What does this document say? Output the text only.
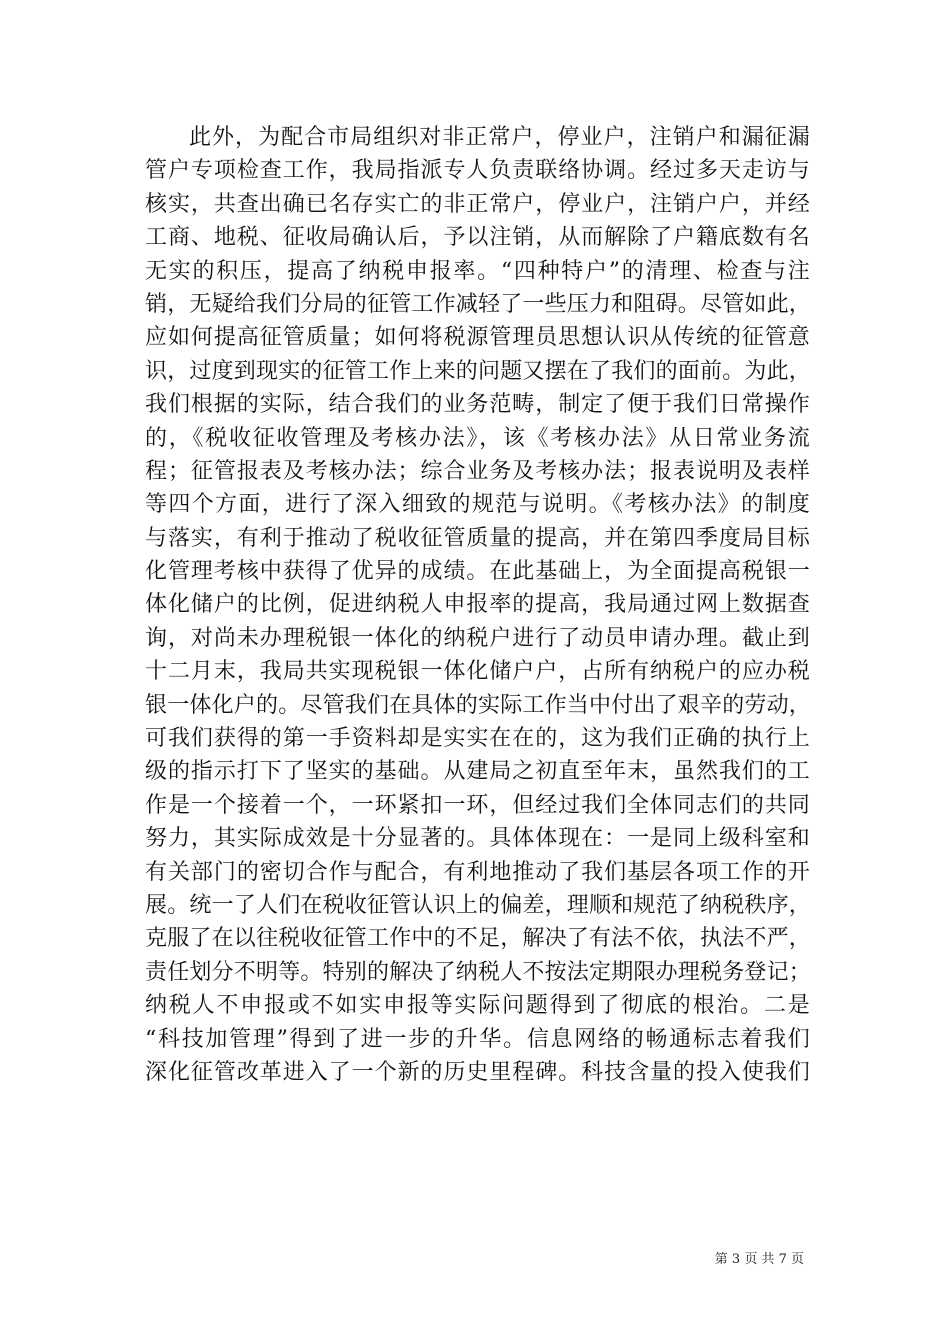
此外，为配合市局组织对非正常户，停业户，注销户和漏征漏
管户专项检查工作，我局指派专人负责联络协调。经过多天走访与
核实，共查出确已名存实亡的非正常户，停业户，注销户户，并经
工商、地税、征收局确认后，予以注销，从而解除了户籍底数有名
无实的积压，提高了纳税申报率。“四种特户”的清理、检查与注
销，无疑给我们分局的征管工作减轻了一些压力和阻碍。尽管如此，
应如何提高征管质量；如何将税源管理员思想认识从传统的征管意
识，过度到现实的征管工作上来的问题又摆在了我们的面前。为此，
我们根据的实际，结合我们的业务范畴，制定了便于我们日常操作
的，《税收征收管理及考核办法》，该《考核办法》从日常业务流
程；征管报表及考核办法；综合业务及考核办法；报表说明及表样
等四个方面，进行了深入细致的规范与说明。《考核办法》的制度
与落实，有利于推动了税收征管质量的提高，并在第四季度局目标
化管理考核中获得了优异的成绩。在此基础上，为全面提高税银一
体化储户的比例，促进纳税人申报率的提高，我局通过网上数据查
询，对尚未办理税银一体化的纳税户进行了动员申请办理。截止到
十二月末，我局共实现税银一体化储户户，占所有纳税户的应办税
银一体化户的。尽管我们在具体的实际工作当中付出了艰辛的劳动，
可我们获得的第一手资料却是实实在在的，这为我们正确的执行上
级的指示打下了坚实的基础。从建局之初直至年末，虽然我们的工
作是一个接着一个，一环紧扣一环，但经过我们全体同志们的共同
努力，其实际成效是十分显著的。具体体现在：一是同上级科室和
有关部门的密切合作与配合，有利地推动了我们基层各项工作的开
展。统一了人们在税收征管认识上的偏差，理顺和规范了纳税秩序，
克服了在以往税收征管工作中的不足，解决了有法不依，执法不严，
责任划分不明等。特别的解决了纳税人不按法定期限办理税务登记；
纳税人不申报或不如实申报等实际问题得到了彻底的根治。二是
“科技加管理”得到了进一步的升华。信息网络的畅通标志着我们
深化征管改革进入了一个新的历史里程碑。科技含量的投入使我们
第 3 页 共 7 页
